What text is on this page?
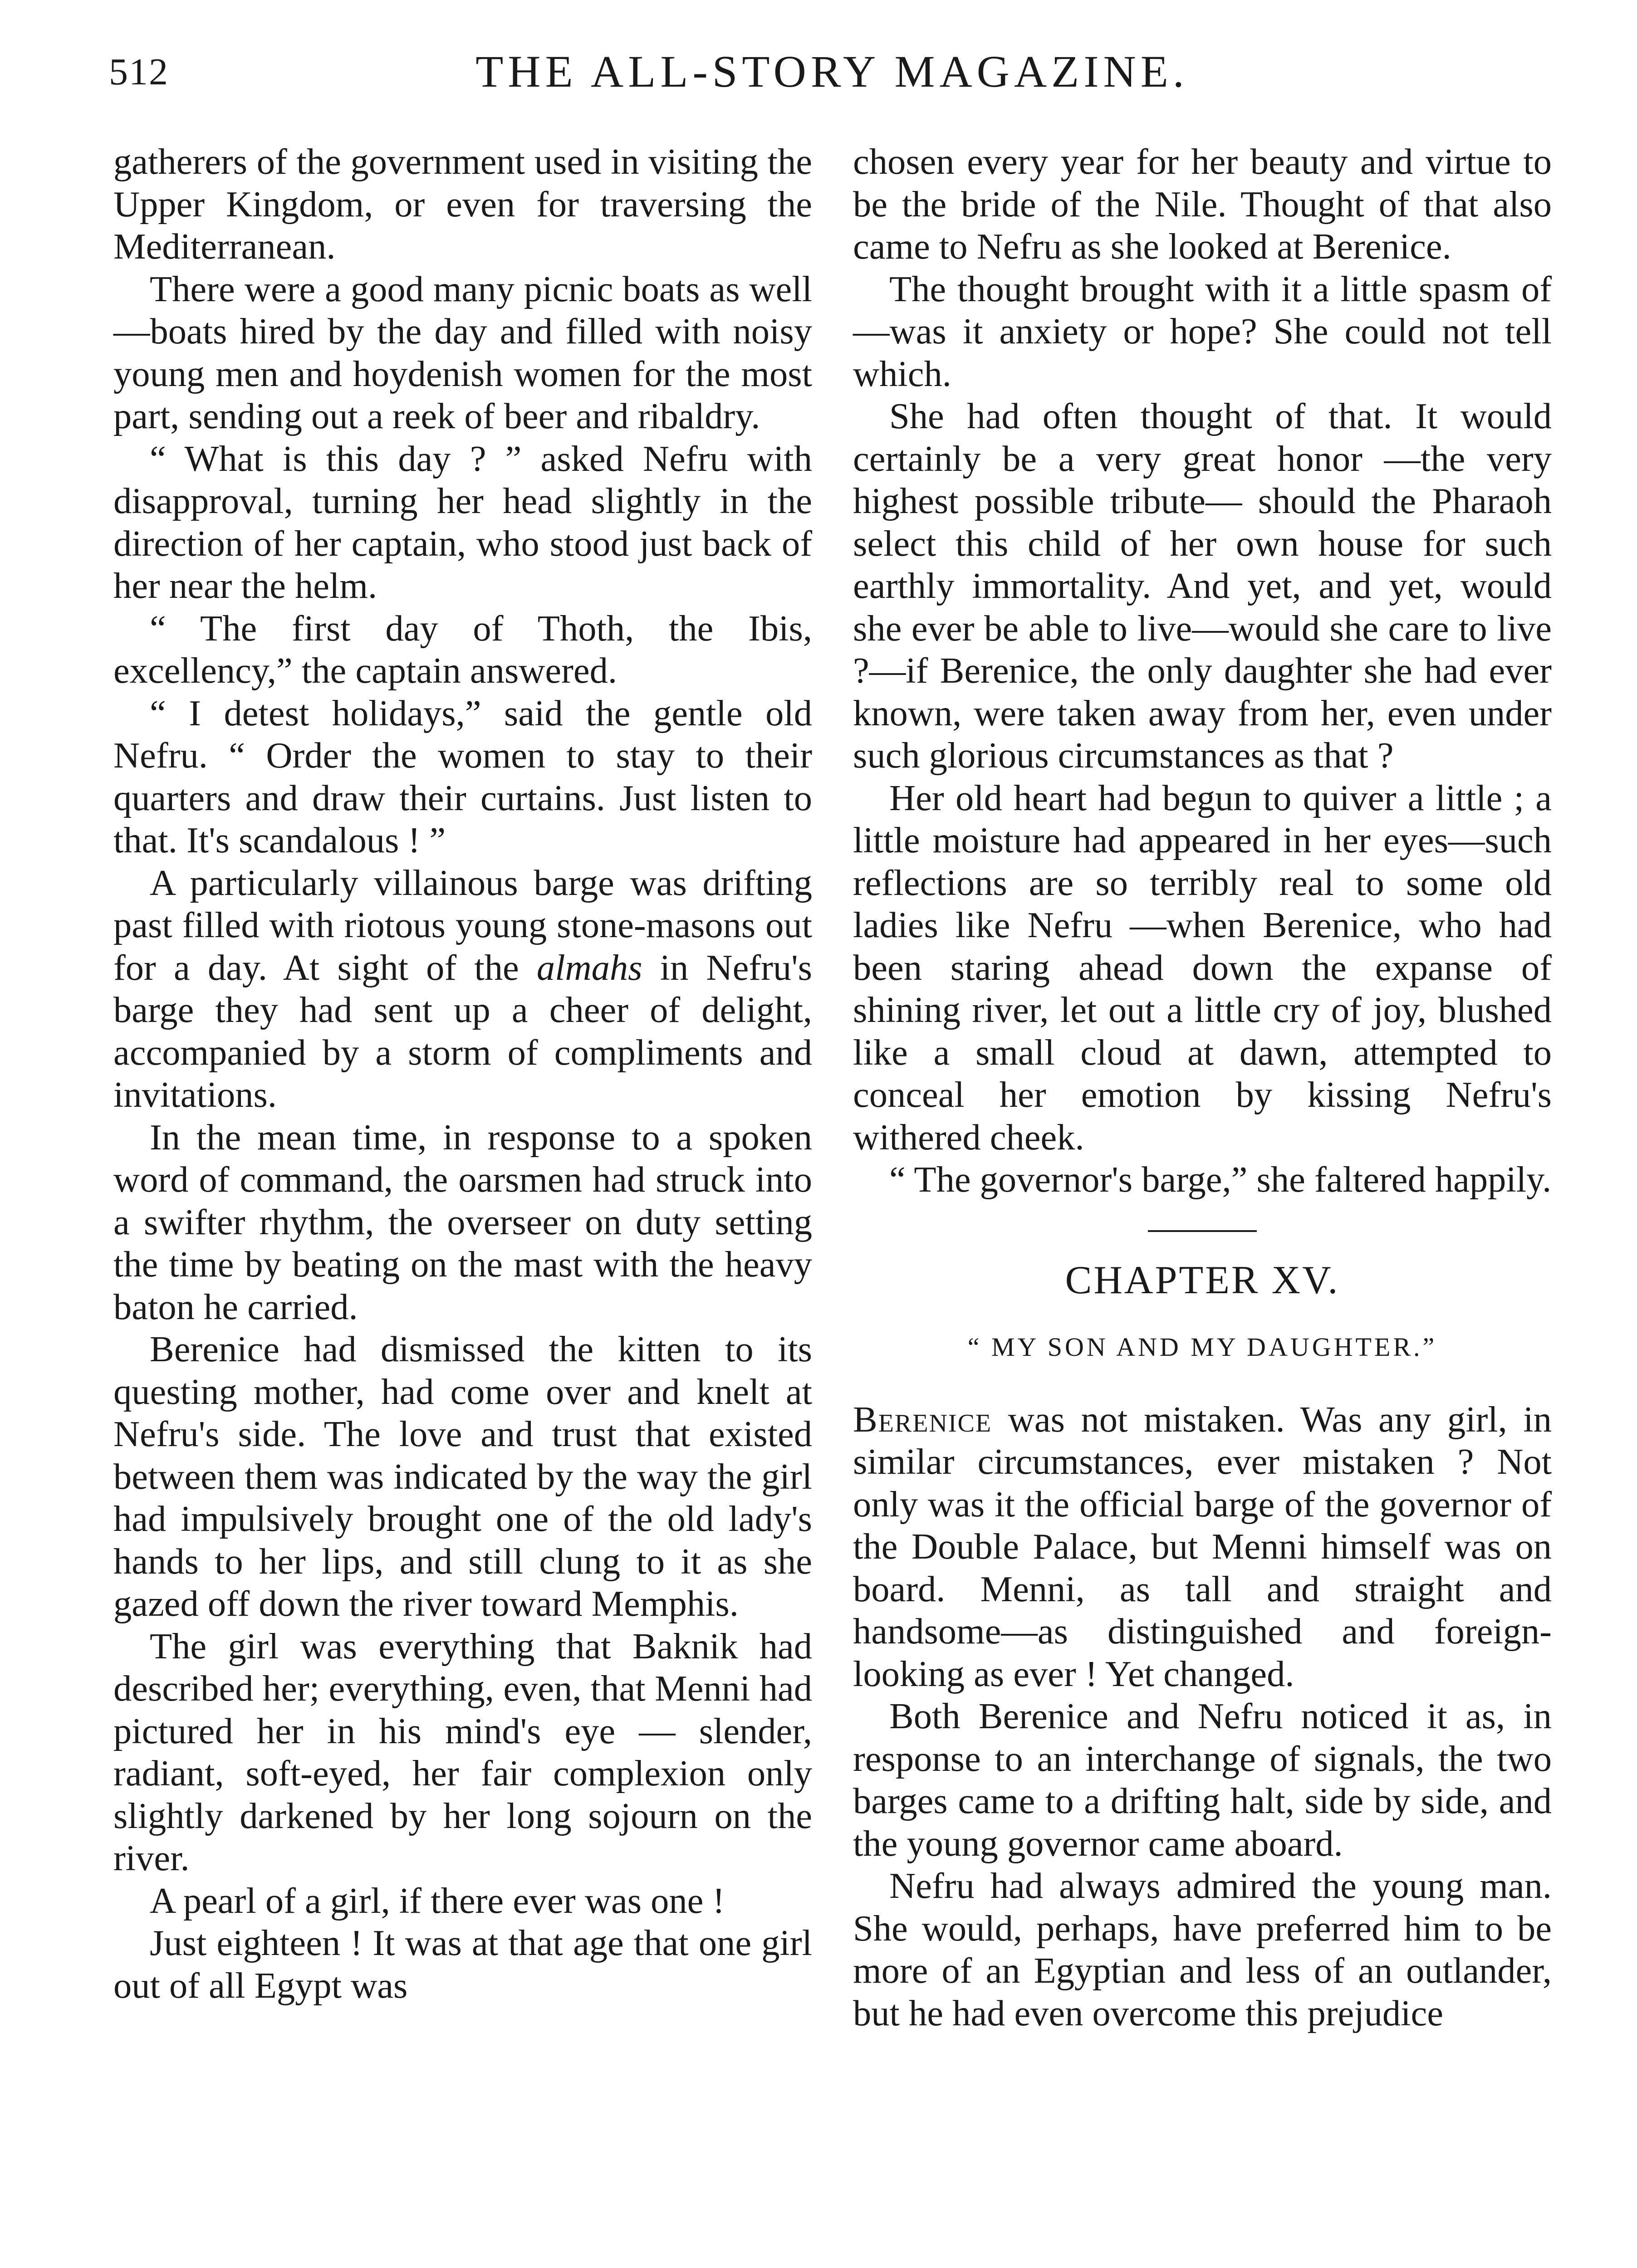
512	THE ALL-STORY MAGAZINE.

gatherers of the government used in visiting the Upper Kingdom, or even for traversing the Mediterranean.

There were a good many picnic boats as well—boats hired by the day and filled with noisy young men and hoydenish women for the most part, sending out a reek of beer and ribaldry.

“ What is this day ? ” asked Nefru with disapproval, turning her head slightly in the direction of her captain, who stood just back of her near the helm.

“ The first day of Thoth, the Ibis, excellency,” the captain answered.

“ I detest holidays,” said the gentle old Nefru. “ Order the women to stay to their quarters and draw their curtains. Just listen to that. It's scandalous ! ”

A particularly villainous barge was drifting past filled with riotous young stone-masons out for a day. At sight of the almahs in Nefru's barge they had sent up a cheer of delight, accompanied by a storm of compliments and invitations.

In the mean time, in response to a spoken word of command, the oarsmen had struck into a swifter rhythm, the overseer on duty setting the time by beating on the mast with the heavy baton he carried.

Berenice had dismissed the kitten to its questing mother, had come over and knelt at Nefru's side. The love and trust that existed between them was indicated by the way the girl had impulsively brought one of the old lady's hands to her lips, and still clung to it as she gazed off down the river toward Memphis.

The girl was everything that Baknik had described her; everything, even, that Menni had pictured her in his mind's eye — slender, radiant, soft-eyed, her fair complexion only slightly darkened by her long sojourn on the river.

A pearl of a girl, if there ever was one !

Just eighteen ! It was at that age that one girl out of all Egypt was

chosen every year for her beauty and virtue to be the bride of the Nile. Thought of that also came to Nefru as she looked at Berenice.

The thought brought with it a little spasm of—was it anxiety or hope? She could not tell which.

She had often thought of that. It would certainly be a very great honor —the very highest possible tribute— should the Pharaoh select this child of her own house for such earthly immortality. And yet, and yet, would she ever be able to live—would she care to live ?—if Berenice, the only daughter she had ever known, were taken away from her, even under such glorious circumstances as that ?

Her old heart had begun to quiver a little ; a little moisture had appeared in her eyes—such reflections are so terribly real to some old ladies like Nefru —when Berenice, who had been staring ahead down the expanse of shining river, let out a little cry of joy, blushed like a small cloud at dawn, attempted to conceal her emotion by kissing Nefru's withered cheek.

“ The governor's barge,” she faltered happily.

CHAPTER XV.
“ MY SON AND MY DAUGHTER.”

Berenice was not mistaken. Was any girl, in similar circumstances, ever mistaken ? Not only was it the official barge of the governor of the Double Palace, but Menni himself was on board. Menni, as tall and straight and handsome—as distinguished and foreign-looking as ever ! Yet changed.

Both Berenice and Nefru noticed it as, in response to an interchange of signals, the two barges came to a drifting halt, side by side, and the young governor came aboard.

Nefru had always admired the young man. She would, perhaps, have preferred him to be more of an Egyptian and less of an outlander, but he had even overcome this prejudice
